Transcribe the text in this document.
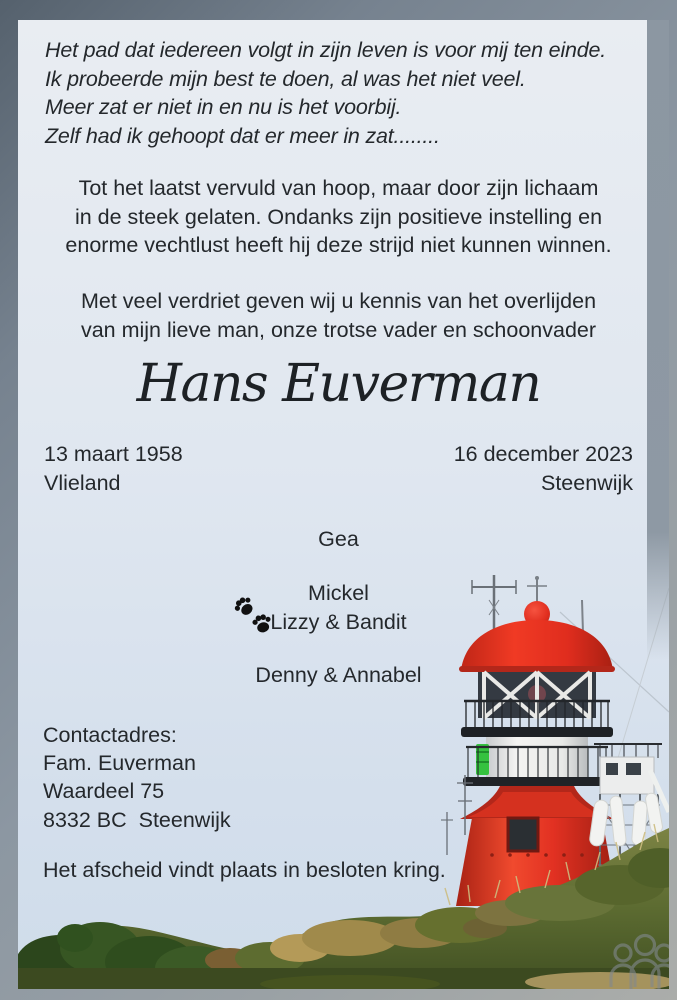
Het pad dat iedereen volgt in zijn leven is voor mij ten einde.
Ik probeerde mijn best te doen, al was het niet veel.
Meer zat er niet in en nu is het voorbij.
Zelf had ik gehoopt dat er meer in zat........
Tot het laatst vervuld van hoop, maar door zijn lichaam
in de steek gelaten. Ondanks zijn positieve instelling en
enorme vechtlust heeft hij deze strijd niet kunnen winnen.
Met veel verdriet geven wij u kennis van het overlijden
van mijn lieve man, onze trotse vader en schoonvader
Hans Euverman
13 maart 1958
Vlieland
16 december 2023
Steenwijk
Gea
Mickel
Lizzy & Bandit
Denny & Annabel
Contactadres:
Fam. Euverman
Waardeel 75
8332 BC  Steenwijk
Het afscheid vindt plaats in besloten kring.
